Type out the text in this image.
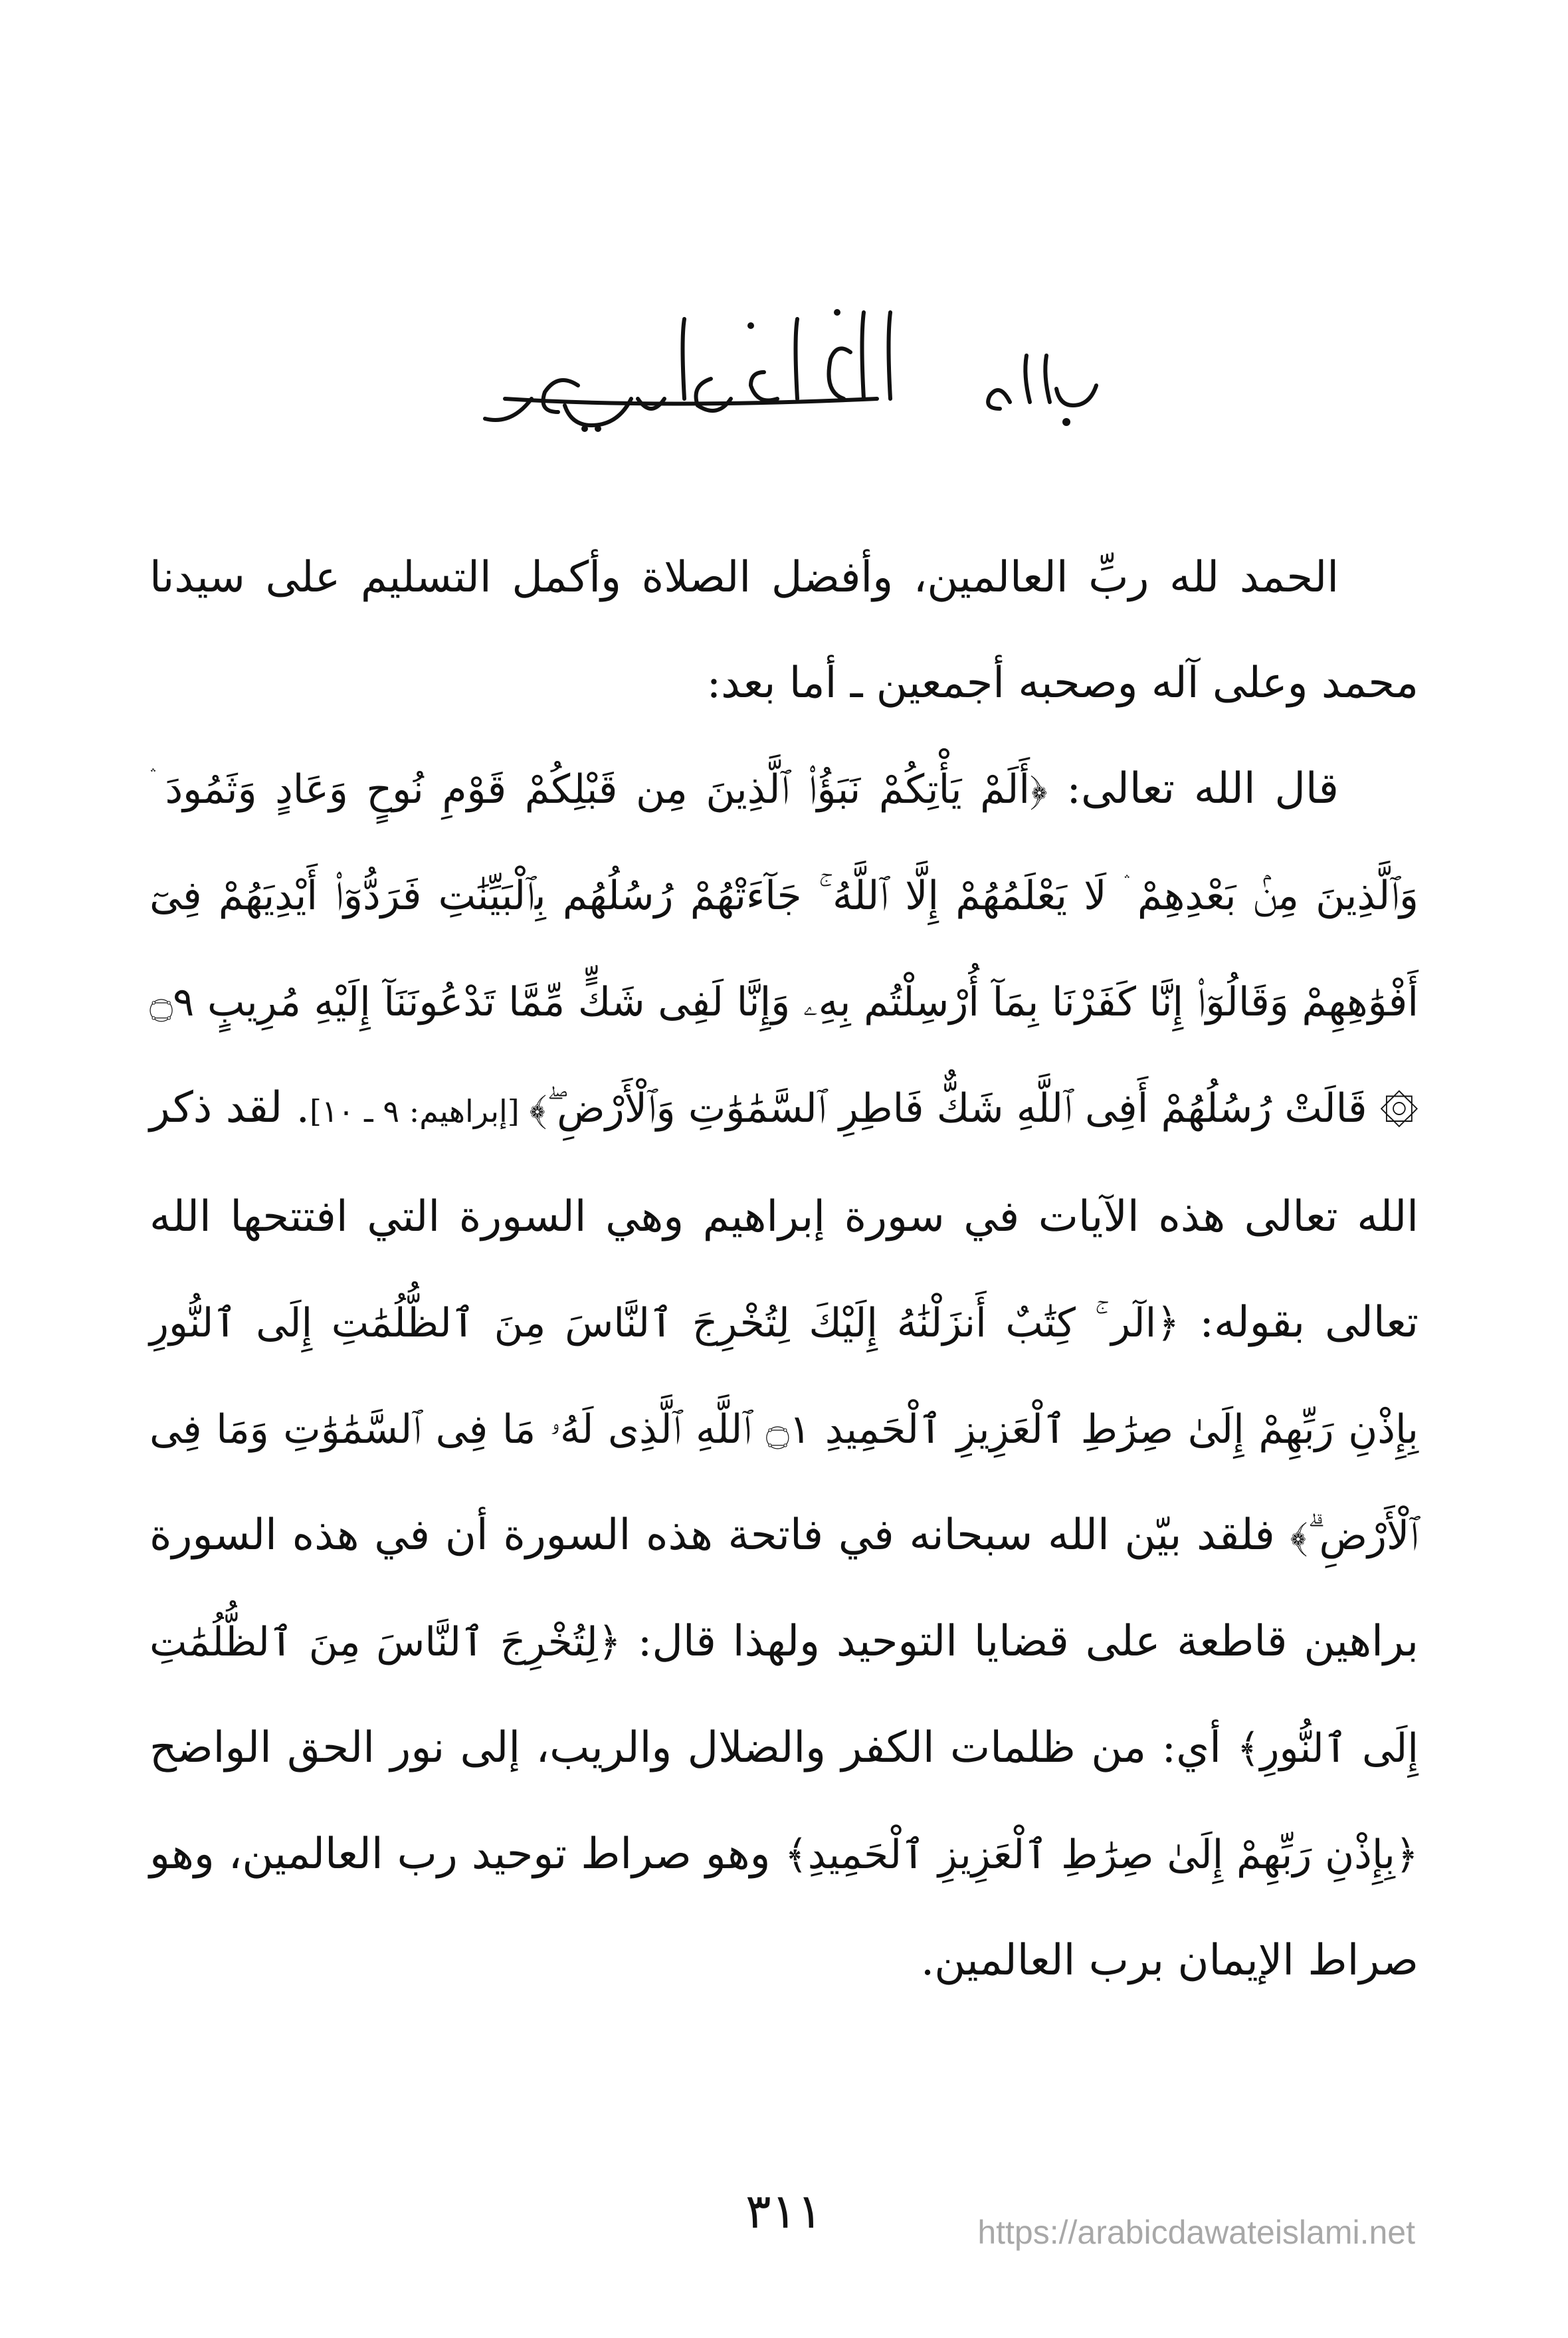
بِسْمِ اللَّهِ الرَّحْمَٰنِ الرَّحِيمِ

الحمد لله ربِّ العالمين، وأفضل الصلاة وأكمل التسليم على سيدنا محمد وعلى آله وصحبه أجمعين ـ أما بعد:

قال الله تعالى: ﴿أَلَمْ يَأْتِكُمْ نَبَؤُا۟ ٱلَّذِينَ مِن قَبْلِكُمْ قَوْمِ نُوحٍ وَعَادٍ وَثَمُودَ ۛ وَٱلَّذِينَ مِنۢ بَعْدِهِمْ ۛ لَا يَعْلَمُهُمْ إِلَّا ٱللَّهُ ۚ جَآءَتْهُمْ رُسُلُهُم بِٱلْبَيِّنَٰتِ فَرَدُّوٓا۟ أَيْدِيَهُمْ فِىٓ أَفْوَٰهِهِمْ وَقَالُوٓا۟ إِنَّا كَفَرْنَا بِمَآ أُرْسِلْتُم بِهِۦ وَإِنَّا لَفِى شَكٍّ مِّمَّا تَدْعُونَنَآ إِلَيْهِ مُرِيبٍ ۝٩ ۞ قَالَتْ رُسُلُهُمْ أَفِى ٱللَّهِ شَكٌّ فَاطِرِ ٱلسَّمَٰوَٰتِ وَٱلْأَرْضِ ۖ﴾ [إبراهيم: ٩ ـ ١٠]. لقد ذكر الله تعالى هذه الآيات في سورة إبراهيم وهي السورة التي افتتحها الله تعالى بقوله: ﴿الٓر ۚ كِتَٰبٌ أَنزَلْنَٰهُ إِلَيْكَ لِتُخْرِجَ ٱلنَّاسَ مِنَ ٱلظُّلُمَٰتِ إِلَى ٱلنُّورِ بِإِذْنِ رَبِّهِمْ إِلَىٰ صِرَٰطِ ٱلْعَزِيزِ ٱلْحَمِيدِ ۝١ ٱللَّهِ ٱلَّذِى لَهُۥ مَا فِى ٱلسَّمَٰوَٰتِ وَمَا فِى ٱلْأَرْضِ ۗ﴾ فلقد بيّن الله سبحانه في فاتحة هذه السورة أن في هذه السورة براهين قاطعة على قضايا التوحيد ولهذا قال: ﴿لِتُخْرِجَ ٱلنَّاسَ مِنَ ٱلظُّلُمَٰتِ إِلَى ٱلنُّورِ﴾ أي: من ظلمات الكفر والضلال والريب، إلى نور الحق الواضح ﴿بِإِذْنِ رَبِّهِمْ إِلَىٰ صِرَٰطِ ٱلْعَزِيزِ ٱلْحَمِيدِ﴾ وهو صراط توحيد رب العالمين، وهو صراط الإيمان برب العالمين.

٣١١	https://arabicdawateislami.net
